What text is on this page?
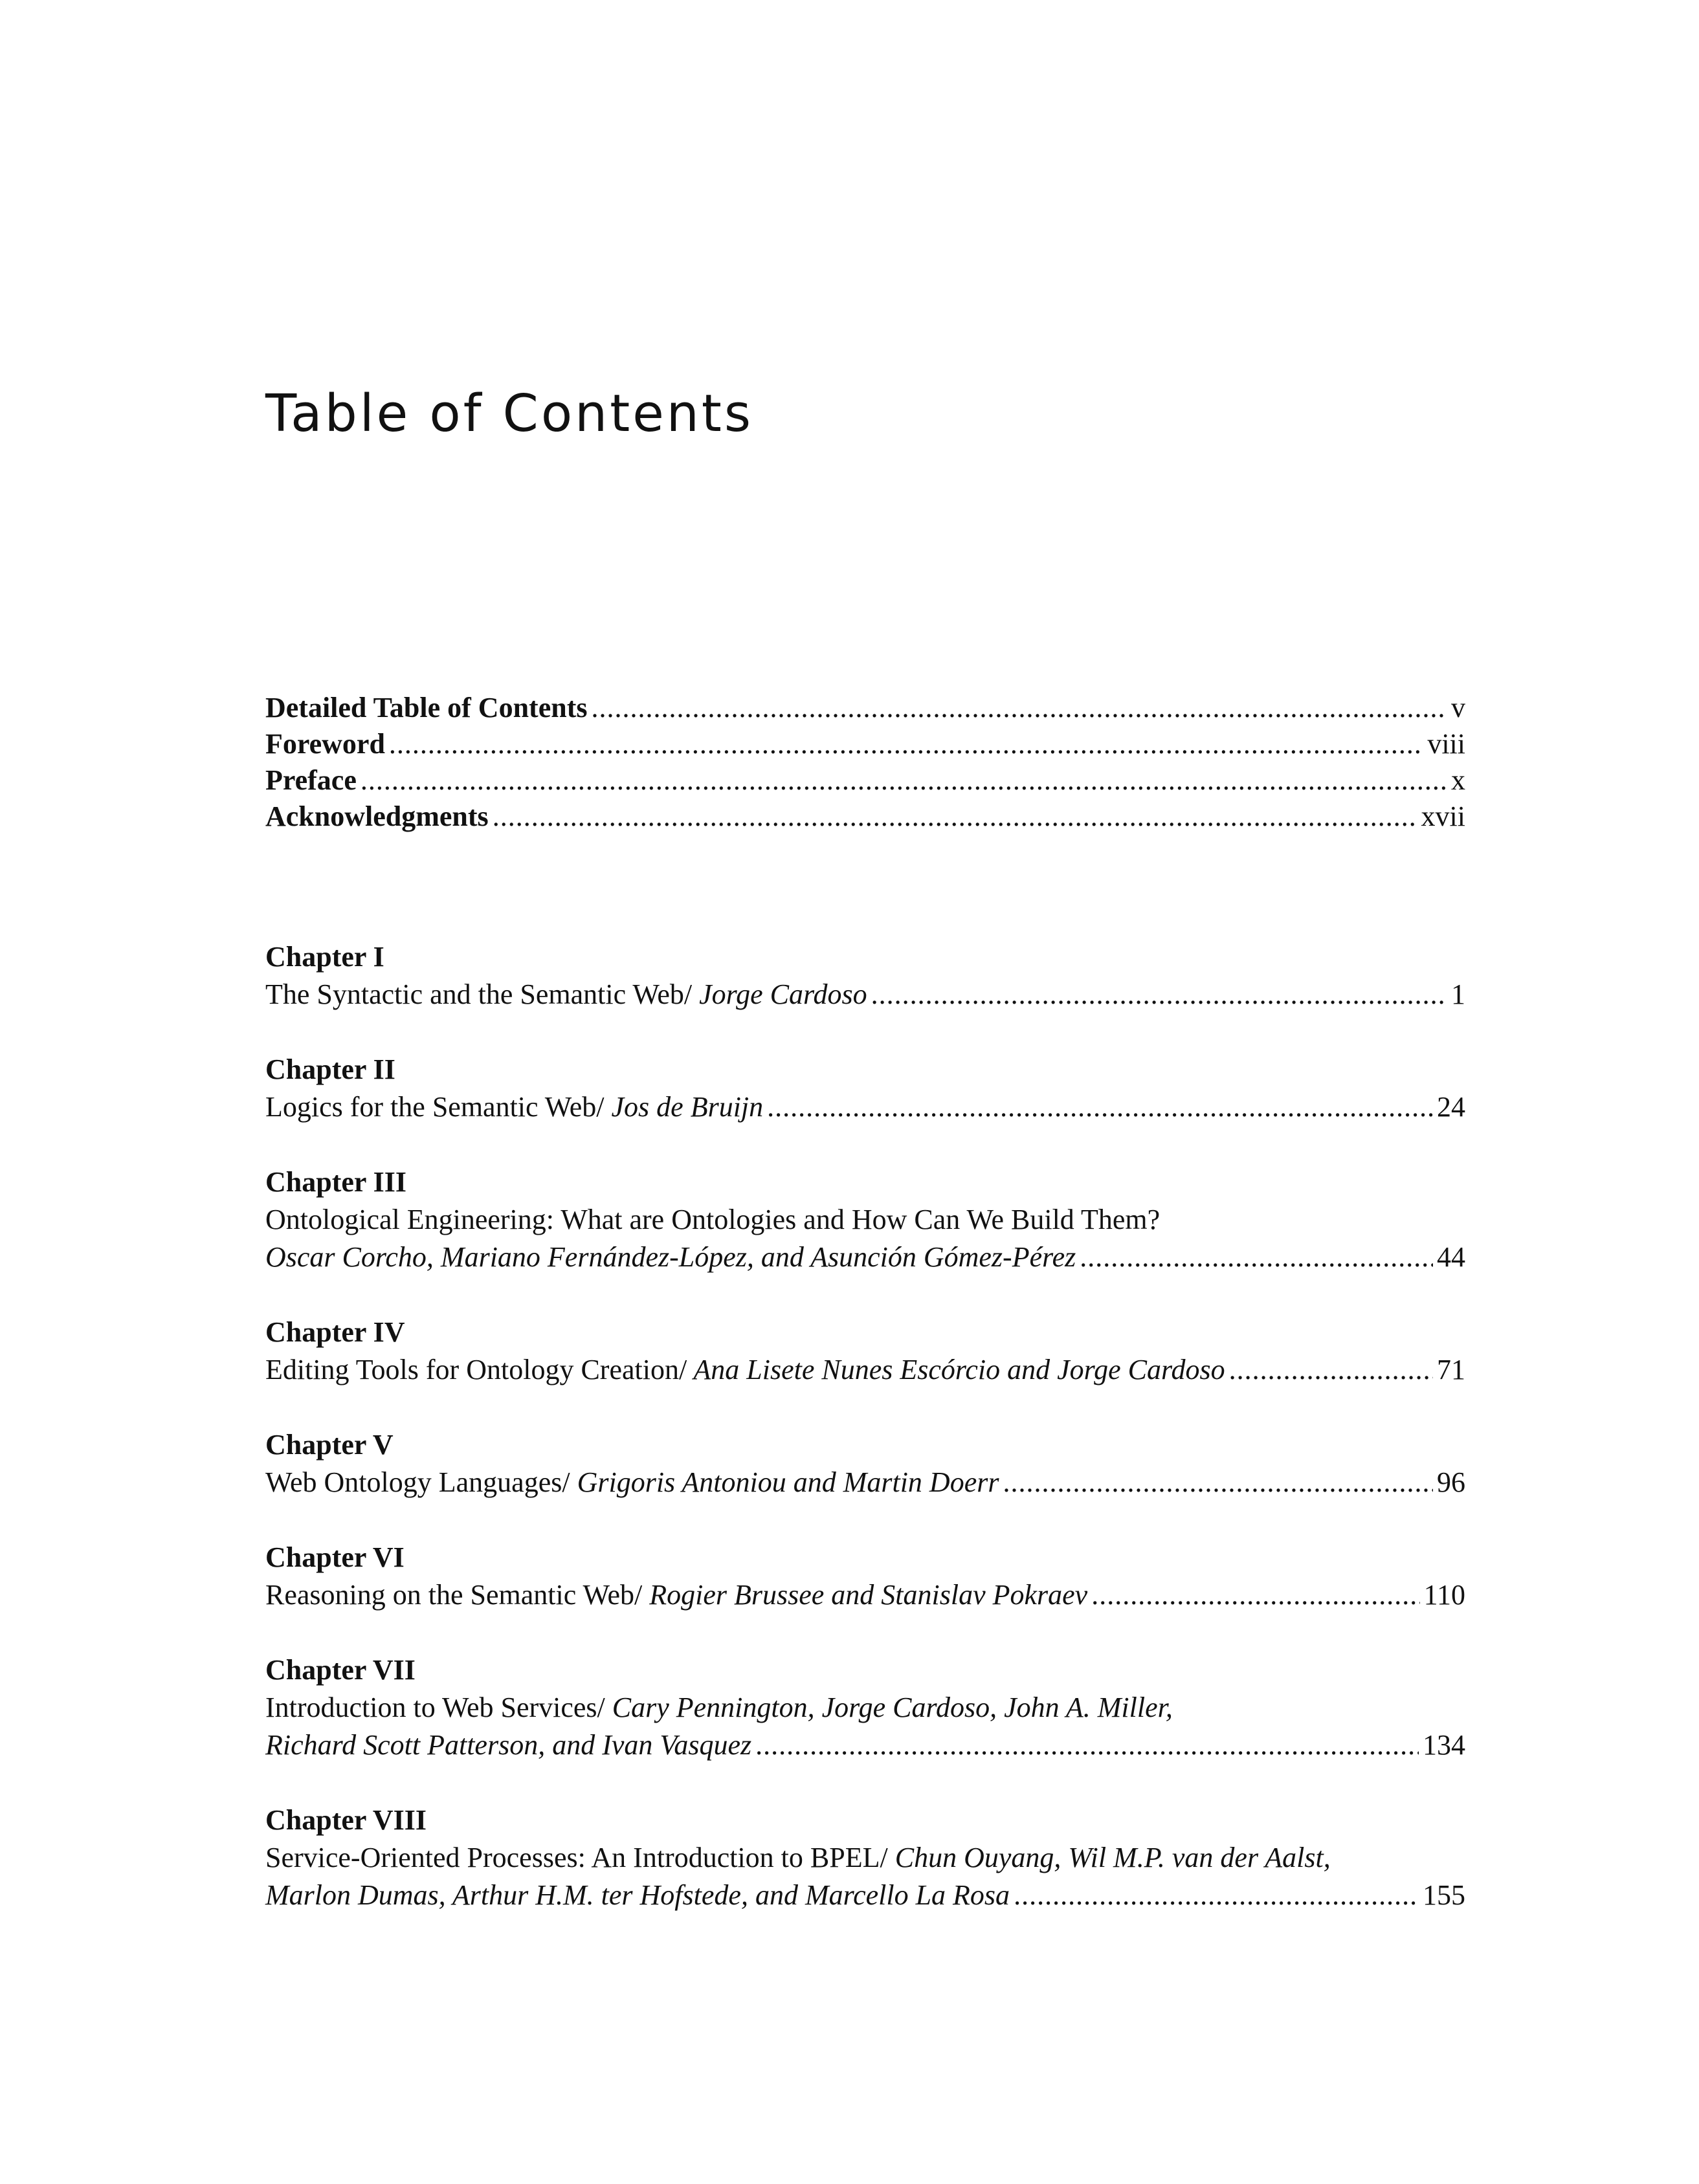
Table of Contents
Detailed Table of Contents . . .	v
Foreword . . .	viii
Preface . . .	x
Acknowledgments . . .	xvii
Chapter I
The Syntactic and the Semantic Web/ Jorge Cardoso . . .	1
Chapter II
Logics for the Semantic Web/ Jos de Bruijn . . .	24
Chapter III
Ontological Engineering: What are Ontologies and How Can We Build Them?
Oscar Corcho, Mariano Fernández-López, and Asunción Gómez-Pérez . . .	44
Chapter IV
Editing Tools for Ontology Creation/ Ana Lisete Nunes Escórcio and Jorge Cardoso . . .	71
Chapter V
Web Ontology Languages/ Grigoris Antoniou and Martin Doerr . . .	96
Chapter VI
Reasoning on the Semantic Web/ Rogier Brussee and Stanislav Pokraev . . .	110
Chapter VII
Introduction to Web Services/ Cary Pennington, Jorge Cardoso, John A. Miller,
Richard Scott Patterson, and Ivan Vasquez . . .	134
Chapter VIII
Service-Oriented Processes: An Introduction to BPEL/ Chun Ouyang, Wil M.P. van der Aalst,
Marlon Dumas, Arthur H.M. ter Hofstede, and Marcello La Rosa . . .	155
